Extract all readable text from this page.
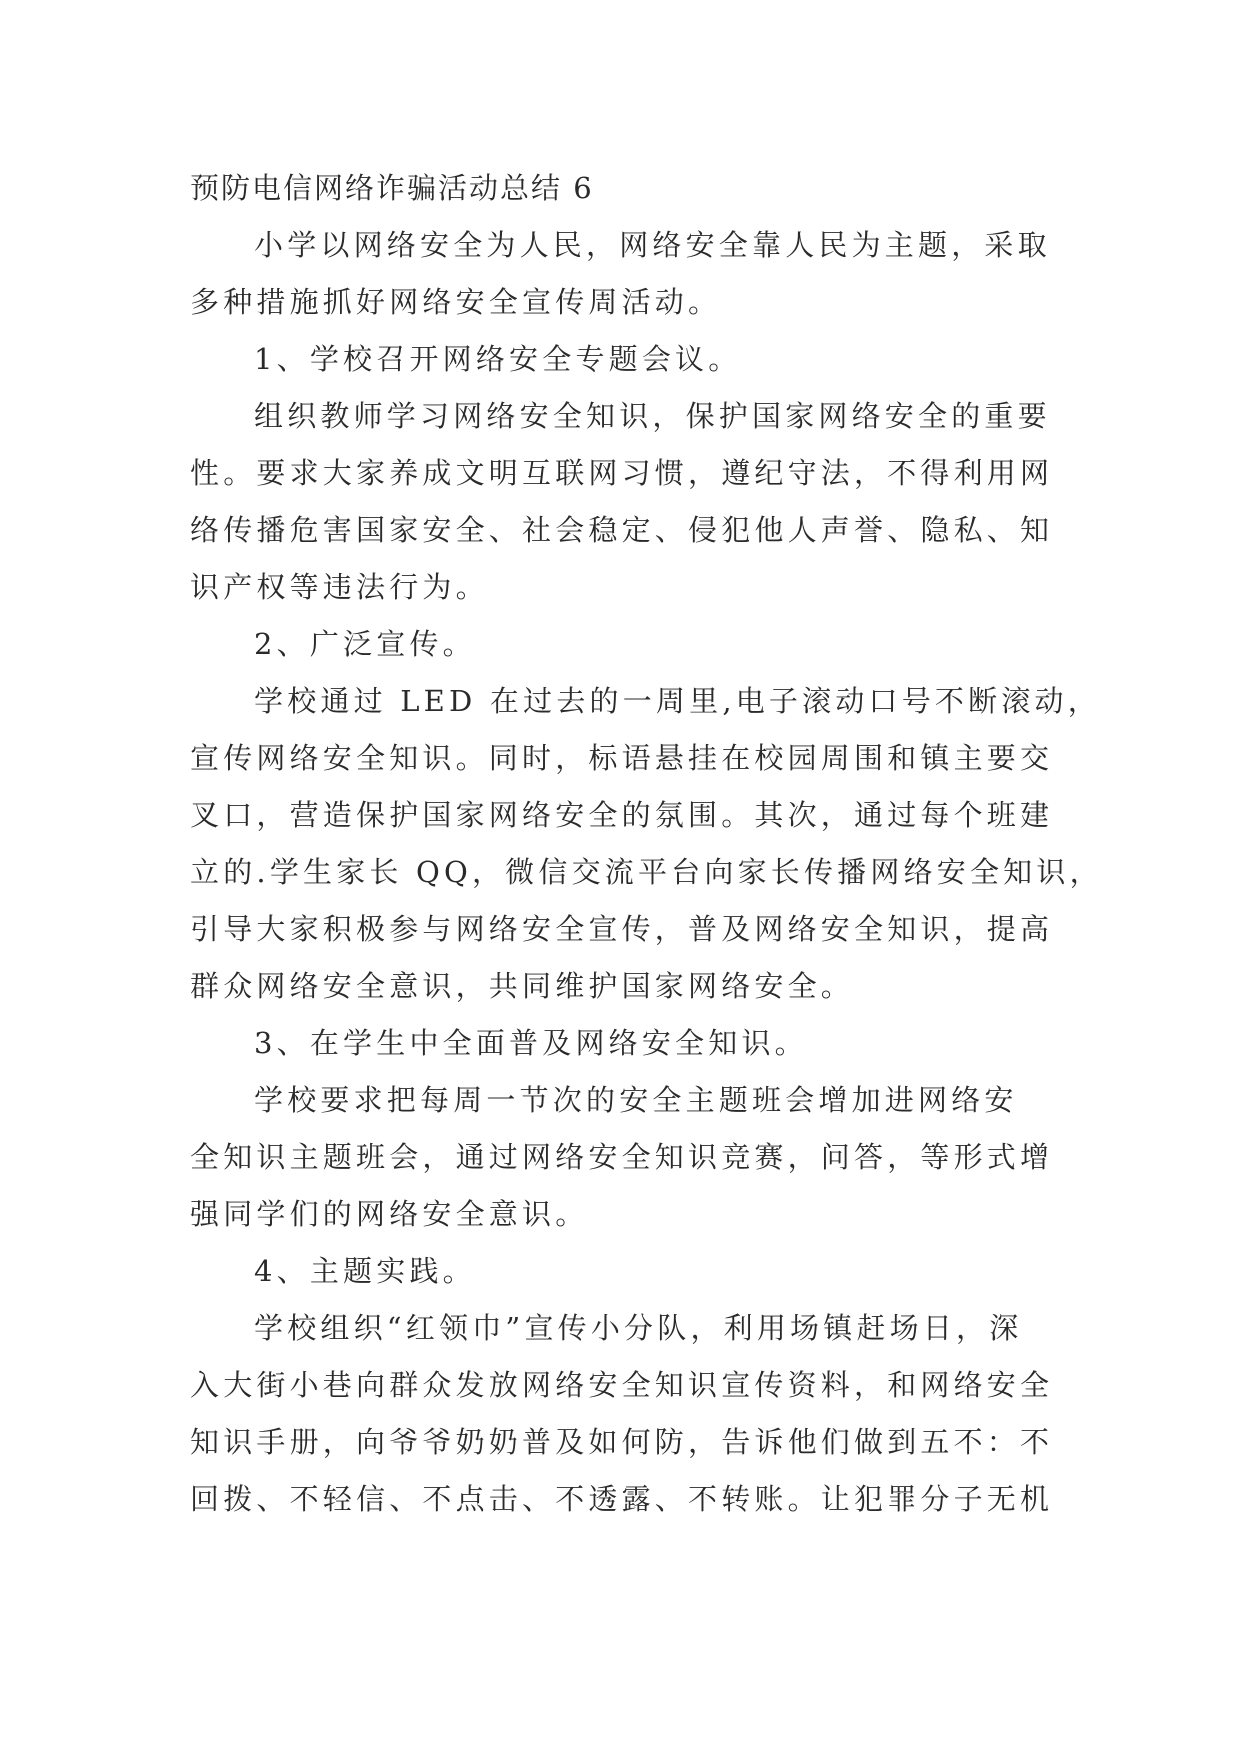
预防电信网络诈骗活动总结 6
小学以网络安全为人民，网络安全靠人民为主题，采取
多种措施抓好网络安全宣传周活动。
1、学校召开网络安全专题会议。
组织教师学习网络安全知识，保护国家网络安全的重要
性。要求大家养成文明互联网习惯，遵纪守法，不得利用网
络传播危害国家安全、社会稳定、侵犯他人声誉、隐私、知
识产权等违法行为。
2、广泛宣传。
学校通过 LED 在过去的一周里,电子滚动口号不断滚动，
宣传网络安全知识。同时，标语悬挂在校园周围和镇主要交
叉口，营造保护国家网络安全的氛围。其次，通过每个班建
立的.学生家长 QQ，微信交流平台向家长传播网络安全知识，
引导大家积极参与网络安全宣传，普及网络安全知识，提高
群众网络安全意识，共同维护国家网络安全。
3、在学生中全面普及网络安全知识。
学校要求把每周一节次的安全主题班会增加进网络安
全知识主题班会，通过网络安全知识竞赛，问答，等形式增
强同学们的网络安全意识。
4、主题实践。
学校组织“红领巾”宣传小分队，利用场镇赶场日，深
入大街小巷向群众发放网络安全知识宣传资料，和网络安全
知识手册，向爷爷奶奶普及如何防，告诉他们做到五不：不
回拨、不轻信、不点击、不透露、不转账。让犯罪分子无机
